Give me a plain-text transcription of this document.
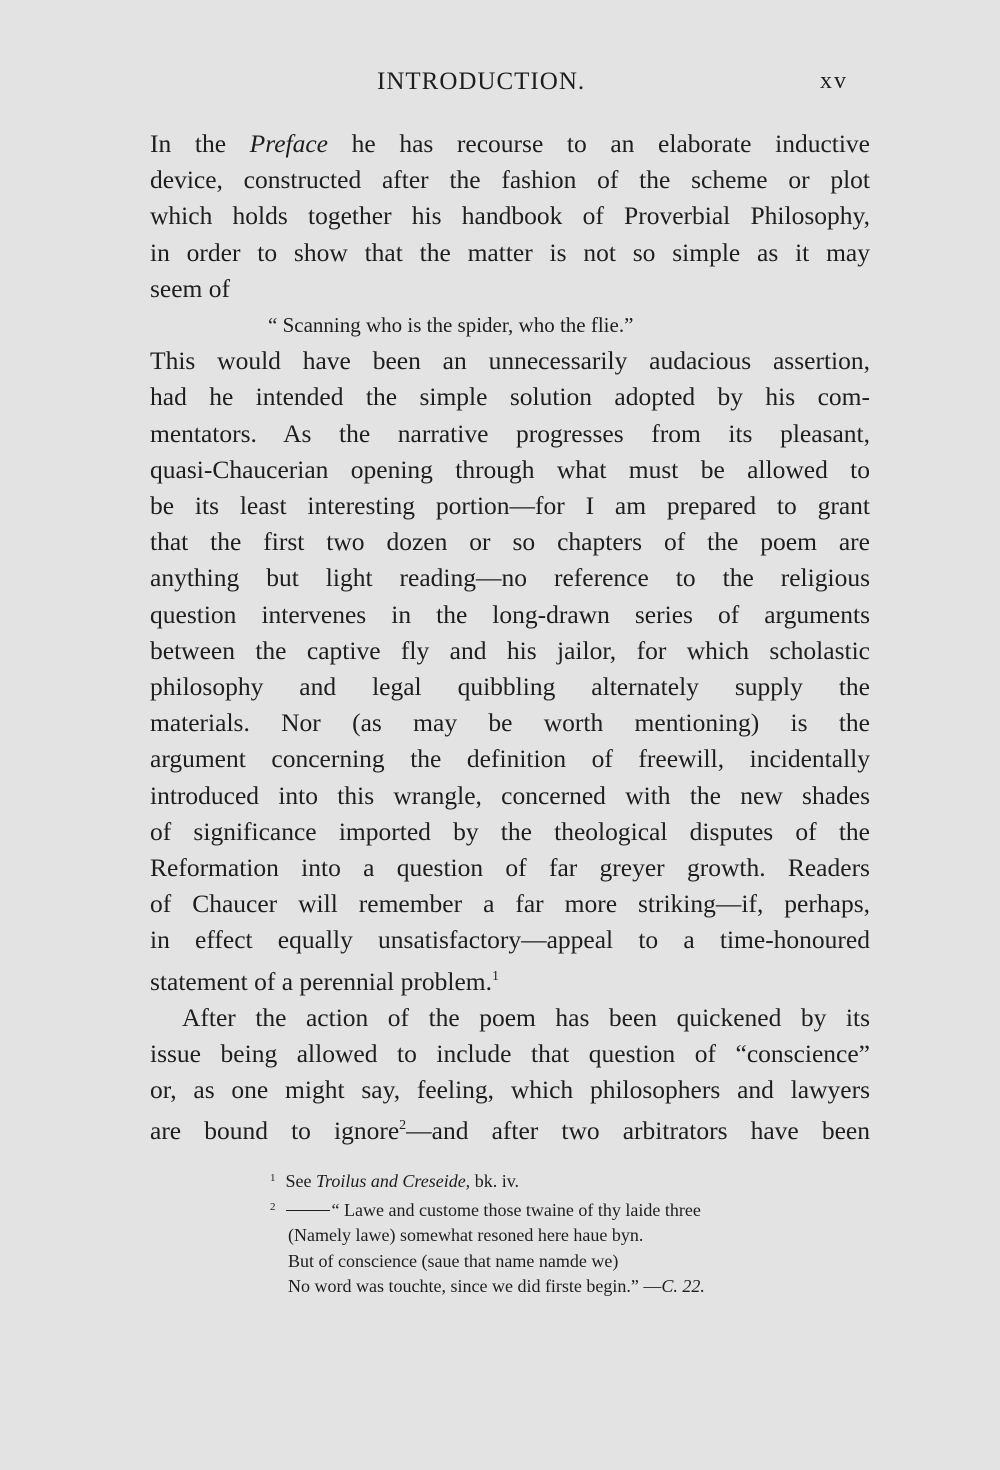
INTRODUCTION.	xv
In the Preface he has recourse to an elaborate inductive
device, constructed after the fashion of the scheme or plot
which holds together his handbook of Proverbial Philosophy,
in order to show that the matter is not so simple as it may
seem of
“ Scanning who is the spider, who the flie.”
This would have been an unnecessarily audacious assertion,
had he intended the simple solution adopted by his com-
mentators. As the narrative progresses from its pleasant,
quasi-Chaucerian opening through what must be allowed to
be its least interesting portion—for I am prepared to grant
that the first two dozen or so chapters of the poem are
anything but light reading—no reference to the religious
question intervenes in the long-drawn series of arguments
between the captive fly and his jailor, for which scholastic
philosophy and legal quibbling alternately supply the
materials. Nor (as may be worth mentioning) is the
argument concerning the definition of freewill, incidentally
introduced into this wrangle, concerned with the new shades
of significance imported by the theological disputes of the
Reformation into a question of far greyer growth. Readers
of Chaucer will remember a far more striking—if, perhaps,
in effect equally unsatisfactory—appeal to a time-honoured
statement of a perennial problem.$^1$
After the action of the poem has been quickened by its
issue being allowed to include that question of “conscience”
or, as one might say, feeling, which philosophers and lawyers
are bound to ignore$^2$—and after two arbitrators have been
$^1$ See Troilus and Creseide, bk. iv.
$^2$	“ Lawe and custome those twaine of thy laide three
(Namely lawe) somewhat resoned here haue byn.
But of conscience (saue that name namde we)
No word was touchte, since we did firste begin.” —C. 22.
